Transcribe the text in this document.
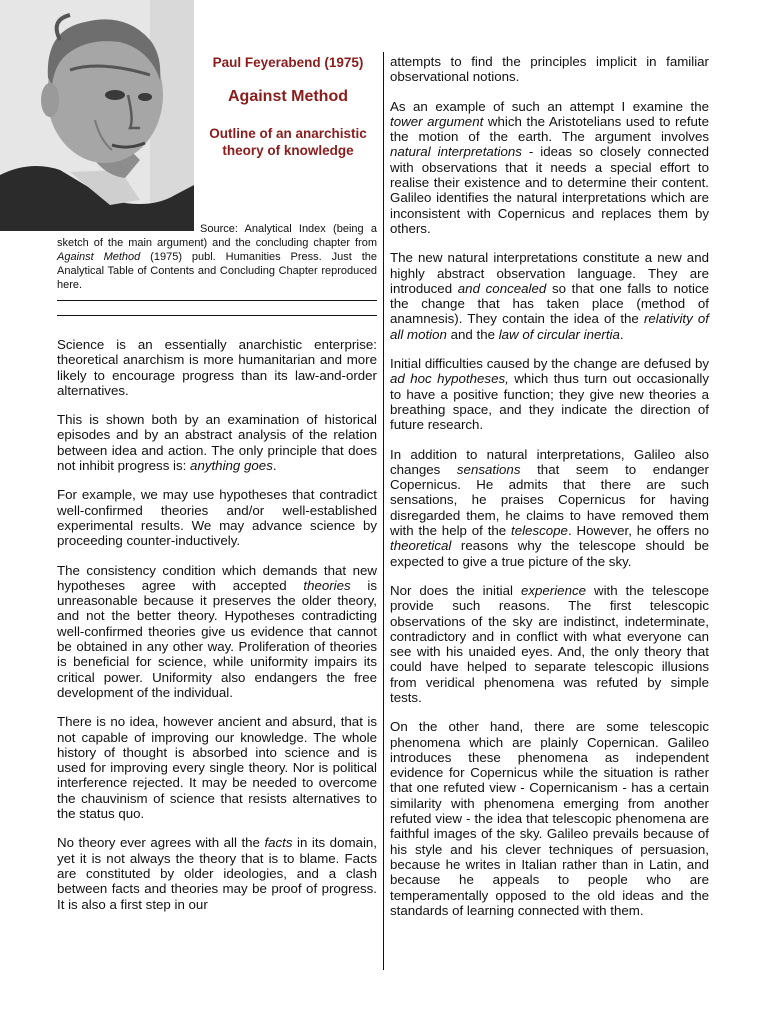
Paul Feyerabend (1975)
Against Method
Outline of an anarchistic theory of knowledge
Source: Analytical Index (being a sketch of the main argument) and the concluding chapter from Against Method (1975) publ. Humanities Press. Just the Analytical Table of Contents and Concluding Chapter reproduced here.

Science is an essentially anarchistic enterprise: theoretical anarchism is more humanitarian and more likely to encourage progress than its law-and-order alternatives.

This is shown both by an examination of historical episodes and by an abstract analysis of the relation between idea and action. The only principle that does not inhibit progress is: anything goes.

For example, we may use hypotheses that contradict well-confirmed theories and/or well-established experimental results. We may advance science by proceeding counter-inductively.

The consistency condition which demands that new hypotheses agree with accepted theories is unreasonable because it preserves the older theory, and not the better theory. Hypotheses contradicting well-confirmed theories give us evidence that cannot be obtained in any other way. Proliferation of theories is beneficial for science, while uniformity impairs its critical power. Uniformity also endangers the free development of the individual.

There is no idea, however ancient and absurd, that is not capable of improving our knowledge. The whole history of thought is absorbed into science and is used for improving every single theory. Nor is political interference rejected. It may be needed to overcome the chauvinism of science that resists alternatives to the status quo.

No theory ever agrees with all the facts in its domain, yet it is not always the theory that is to blame. Facts are constituted by older ideologies, and a clash between facts and theories may be proof of progress. It is also a first step in our

attempts to find the principles implicit in familiar observational notions.

As an example of such an attempt I examine the tower argument which the Aristotelians used to refute the motion of the earth. The argument involves natural interpretations - ideas so closely connected with observations that it needs a special effort to realise their existence and to determine their content. Galileo identifies the natural interpretations which are inconsistent with Copernicus and replaces them by others.

The new natural interpretations constitute a new and highly abstract observation language. They are introduced and concealed so that one falls to notice the change that has taken place (method of anamnesis). They contain the idea of the relativity of all motion and the law of circular inertia.

Initial difficulties caused by the change are defused by ad hoc hypotheses, which thus turn out occasionally to have a positive function; they give new theories a breathing space, and they indicate the direction of future research.

In addition to natural interpretations, Galileo also changes sensations that seem to endanger Copernicus. He admits that there are such sensations, he praises Copernicus for having disregarded them, he claims to have removed them with the help of the telescope. However, he offers no theoretical reasons why the telescope should be expected to give a true picture of the sky.

Nor does the initial experience with the telescope provide such reasons. The first telescopic observations of the sky are indistinct, indeterminate, contradictory and in conflict with what everyone can see with his unaided eyes. And, the only theory that could have helped to separate telescopic illusions from veridical phenomena was refuted by simple tests.

On the other hand, there are some telescopic phenomena which are plainly Copernican. Galileo introduces these phenomena as independent evidence for Copernicus while the situation is rather that one refuted view - Copernicanism - has a certain similarity with phenomena emerging from another refuted view - the idea that telescopic phenomena are faithful images of the sky. Galileo prevails because of his style and his clever techniques of persuasion, because he writes in Italian rather than in Latin, and because he appeals to people who are temperamentally opposed to the old ideas and the standards of learning connected with them.
